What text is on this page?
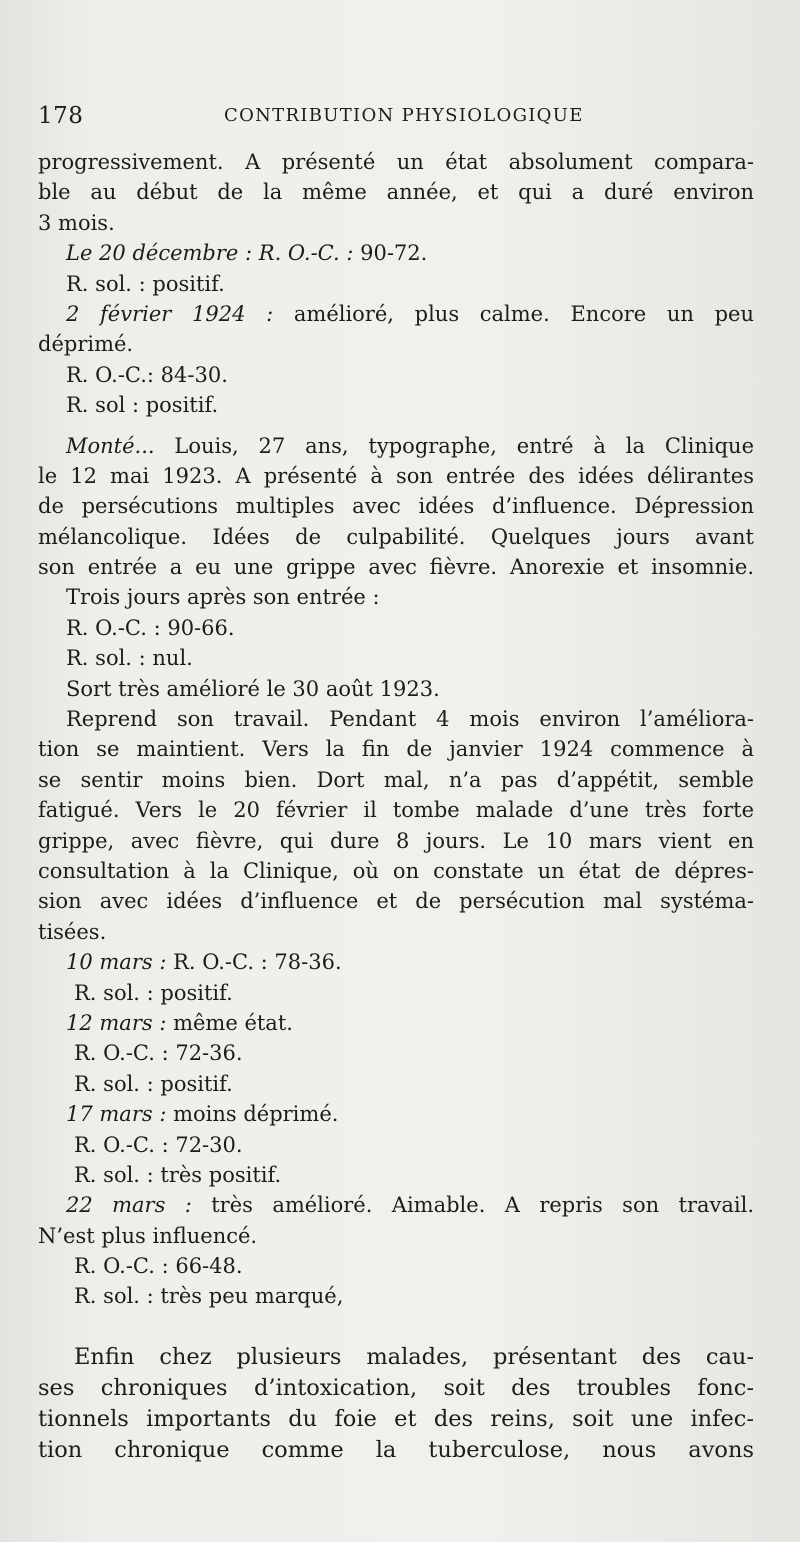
178	CONTRIBUTION PHYSIOLOGIQUE
progressivement. A présenté un état absolument compara-
ble au début de la même année, et qui a duré environ
3 mois.
Le 20 décembre : R. O.-C. : 90-72.
R. sol. : positif.
2 février 1924 : amélioré, plus calme. Encore un peu
déprimé.
R. O.-C.: 84-30.
R. sol : positif.
Monté... Louis, 27 ans, typographe, entré à la Clinique
le 12 mai 1923. A présenté à son entrée des idées délirantes
de persécutions multiples avec idées d’influence. Dépression
mélancolique. Idées de culpabilité. Quelques jours avant
son entrée a eu une grippe avec fièvre. Anorexie et insomnie.
Trois jours après son entrée :
R. O.-C. : 90-66.
R. sol. : nul.
Sort très amélioré le 30 août 1923.
Reprend son travail. Pendant 4 mois environ l’améliora-
tion se maintient. Vers la fin de janvier 1924 commence à
se sentir moins bien. Dort mal, n’a pas d’appétit, semble
fatigué. Vers le 20 février il tombe malade d’une très forte
grippe, avec fièvre, qui dure 8 jours. Le 10 mars vient en
consultation à la Clinique, où on constate un état de dépres-
sion avec idées d’influence et de persécution mal systéma-
tisées.
10 mars : R. O.-C. : 78-36.
R. sol. : positif.
12 mars : même état.
R. O.-C. : 72-36.
R. sol. : positif.
17 mars : moins déprimé.
R. O.-C. : 72-30.
R. sol. : très positif.
22 mars : très amélioré. Aimable. A repris son travail.
N’est plus influencé.
R. O.-C. : 66-48.
R. sol. : très peu marqué,
Enfin chez plusieurs malades, présentant des cau-
ses chroniques d’intoxication, soit des troubles fonc-
tionnels importants du foie et des reins, soit une infec-
tion chronique comme la tuberculose, nous avons
